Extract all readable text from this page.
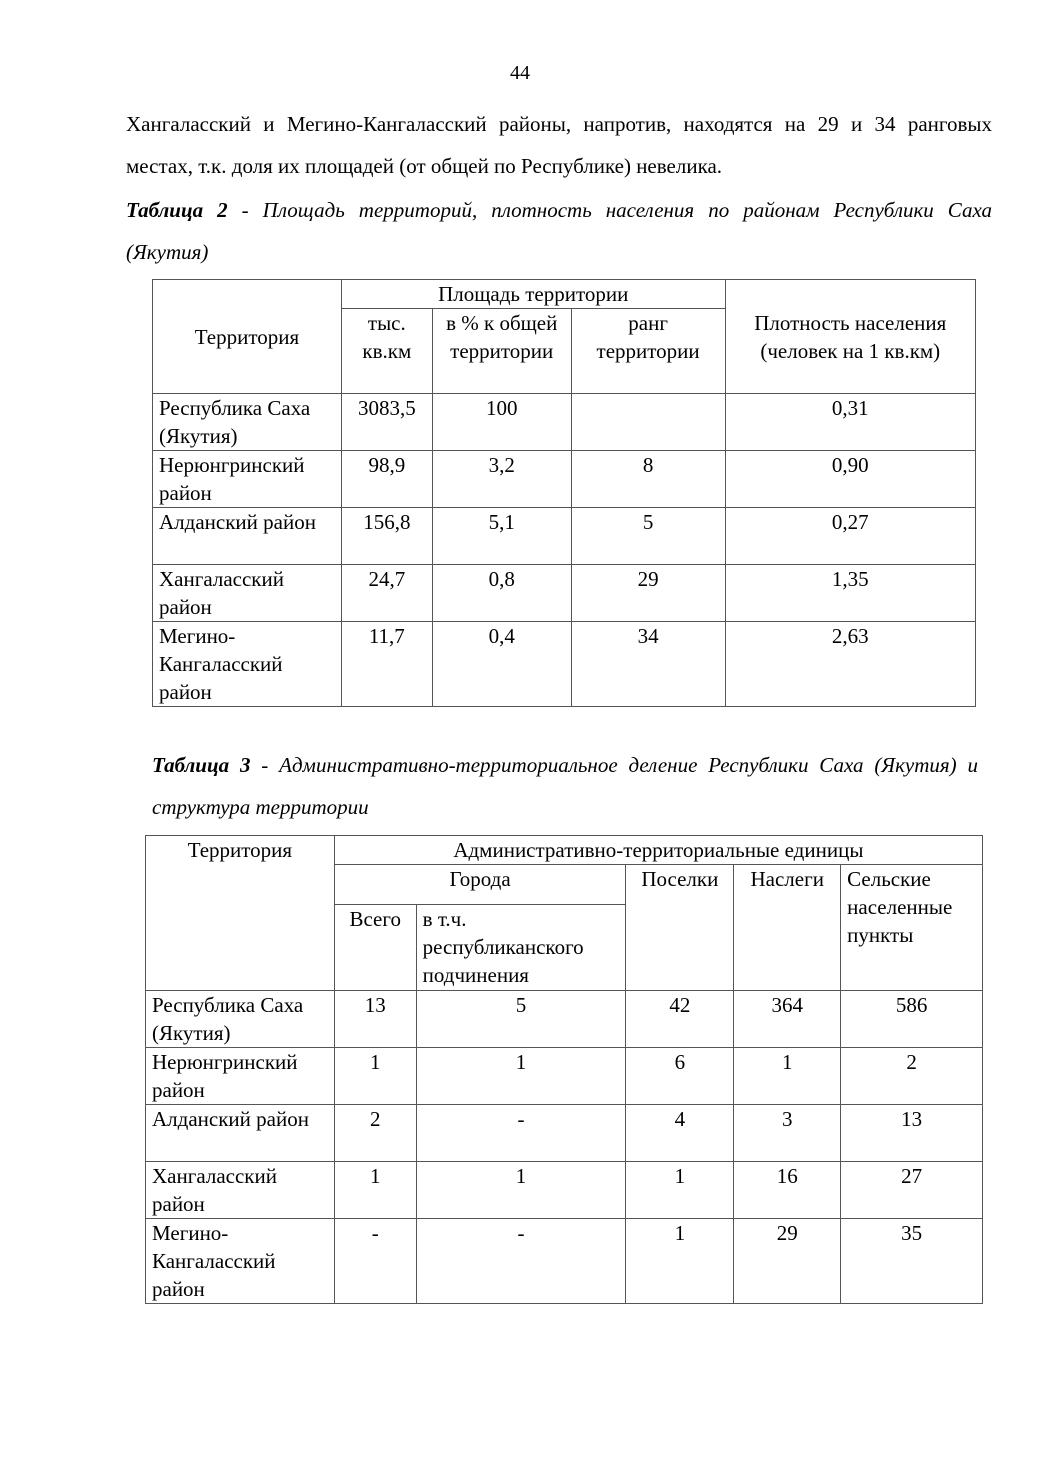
44
Хангаласский и Мегино-Кангаласский районы, напротив, находятся на 29 и 34 ранговых местах, т.к. доля их площадей (от общей по Республике) невелика.
Таблица 2 - Площадь территорий, плотность населения по районам Республики Саха (Якутия)
Территория	Площадь территории			Плотность населения (человек на 1 кв.км)
	тыс. кв.км	в % к общей территории	ранг территории	
Республика Саха (Якутия)	3083,5	100		0,31
Нерюнгринский район	98,9	3,2	8	0,90
Алданский район	156,8	5,1	5	0,27
Хангаласский район	24,7	0,8	29	1,35
Мегино-Кангаласский район	11,7	0,4	34	2,63
Таблица 3 - Административно-территориальное деление Республики Саха (Якутия) и структура территории
Территория	Административно-территориальные единицы				
	Города		Поселки	Наслеги	Сельские населенные пункты
	Всего	в т.ч. республиканского подчинения			
Республика Саха (Якутия)	13	5	42	364	586
Нерюнгринский район	1	1	6	1	2
Алданский район	2	-	4	3	13
Хангаласский район	1	1	1	16	27
Мегино-Кангаласский район	-	-	1	29	35
